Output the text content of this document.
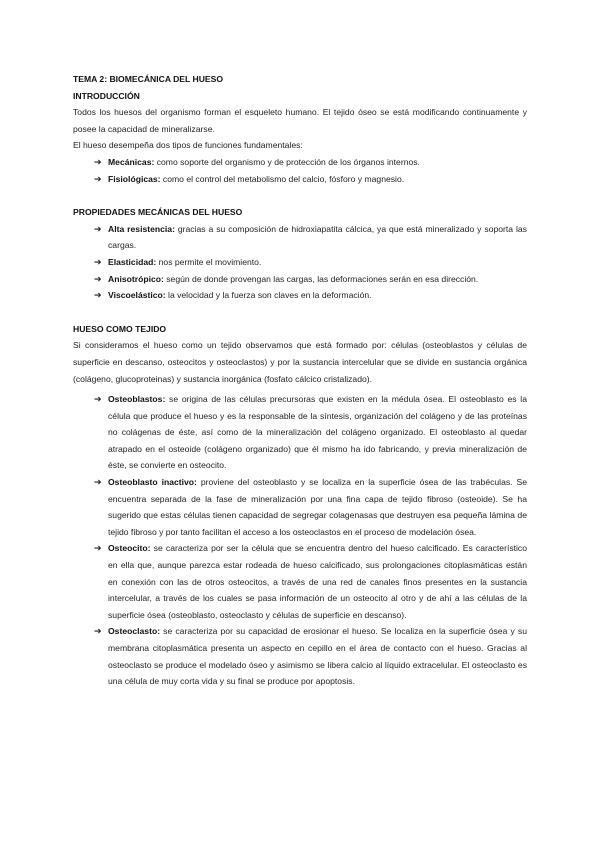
TEMA 2: BIOMECÁNICA DEL HUESO

INTRODUCCIÓN

Todos los huesos del organismo forman el esqueleto humano. El tejido óseo se está modificando continuamente y posee la capacidad de mineralizarse.

El hueso desempeña dos tipos de funciones fundamentales:

➔ Mecánicas: como soporte del organismo y de protección de los órganos internos.
➔ Fisiológicas: como el control del metabolismo del calcio, fósforo y magnesio.

PROPIEDADES MECÁNICAS DEL HUESO

➔ Alta resistencia: gracias a su composición de hidroxiapatita cálcica, ya que está mineralizado y soporta las cargas.
➔ Elasticidad: nos permite el movimiento.
➔ Anisotrópico: según de donde provengan las cargas, las deformaciones serán en esa dirección.
➔ Viscoelástico: la velocidad y la fuerza son claves en la deformación.

HUESO COMO TEJIDO

Si consideramos el hueso como un tejido observamos que está formado por: células (osteoblastos y células de superficie en descanso, osteocitos y osteoclastos) y por la sustancia intercelular que se divide en sustancia orgánica (colágeno, glucoproteinas) y sustancia inorgánica (fosfato cálcico cristalizado).

➔ Osteoblastos: se origina de las células precursoras que existen en la médula ósea. El osteoblasto es la célula que produce el hueso y es la responsable de la síntesis, organización del colágeno y de las proteínas no colágenas de éste, así como de la mineralización del colágeno organizado. El osteoblasto al quedar atrapado en el osteoide (colágeno organizado) que él mismo ha ido fabricando, y previa mineralización de éste, se convierte en osteocito.
➔ Osteoblasto inactivo: proviene del osteoblasto y se localiza en la superficie ósea de las trabéculas. Se encuentra separada de la fase de mineralización por una fina capa de tejido fibroso (osteoide). Se ha sugerido que estas células tienen capacidad de segregar colagenasas que destruyen esa pequeña lámina de tejido fibroso y por tanto facilitan el acceso a los osteoclastos en el proceso de modelación ósea.
➔ Osteocito: se caracteriza por ser la célula que se encuentra dentro del hueso calcificado. Es característico en ella que, aunque parezca estar rodeada de hueso calcificado, sus prolongaciones citoplasmáticas están en conexión con las de otros osteocitos, a través de una red de canales finos presentes en la sustancia intercelular, a través de los cuales se pasa información de un osteocito al otro y de ahí a las células de la superficie ósea (osteoblasto, osteoclasto y células de superficie en descanso).
➔ Osteoclasto: se caracteriza por su capacidad de erosionar el hueso. Se localiza en la superficie ósea y su membrana citoplasmática presenta un aspecto en cepillo en el área de contacto con el hueso. Gracias al osteoclasto se produce el modelado óseo y asimismo se libera calcio al líquido extracelular. El osteoclasto es una célula de muy corta vida y su final se produce por apoptosis.
